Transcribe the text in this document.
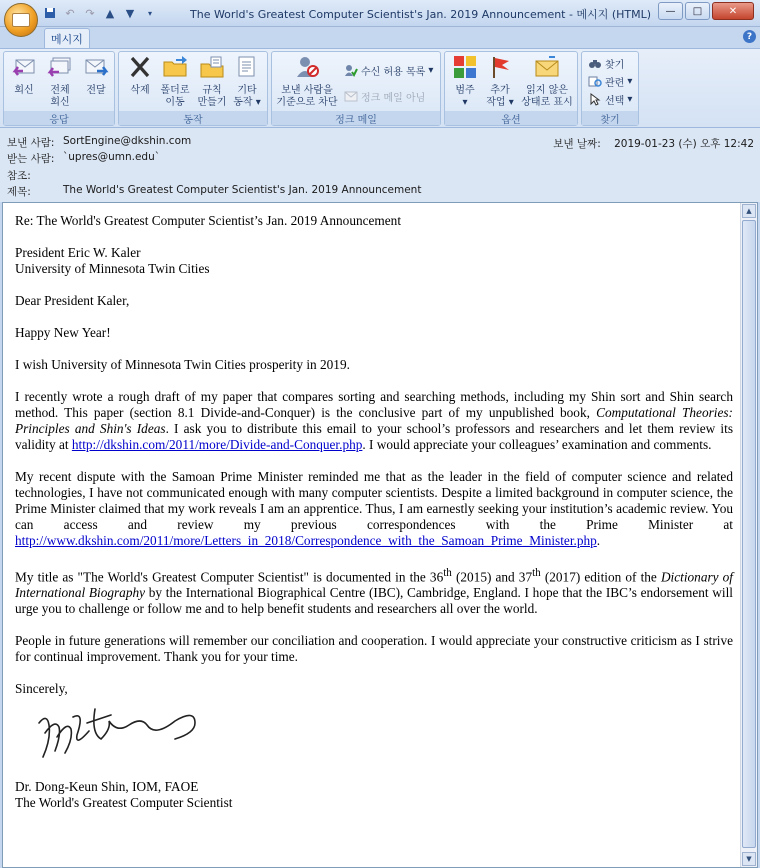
↶ ↷	▲	▼	▾	The World's Greatest Computer Scientist's Jan. 2019 Announcement - 메시지 (HTML)	—	□	✕
메시지	?
회신	전체
회신
전달
응답
삭제	폴더로
이동
규칙
만들기
기타
동작 ▾
동작
보낸 사람을
기준으로 차단
수신 허용 목록 ▾
정크 메일 아님
정크 메일
범주
▾
추가
작업 ▾
읽지 않은
상태로 표시
옵션
찾기
관련 ▾
선택 ▾
찾기
보낸 사람: SortEngine@dkshin.com
받는 사람: `upres@umn.edu`
참조:
제목:	The World's Greatest Computer Scientist's Jan. 2019 Announcement
보낸 날짜: 2019-01-23 (수) 오후 12:42

Re: The World's Greatest Computer Scientist’s Jan. 2019 Announcement

President Eric W. Kaler
University of Minnesota Twin Cities

Dear President Kaler,

Happy New Year!

I wish University of Minnesota Twin Cities prosperity in 2019.

I recently wrote a rough draft of my paper that compares sorting and searching methods, including my Shin sort and Shin search method. This paper (section 8.1 Divide-and-Conquer) is the conclusive part of my unpublished book, Computational Theories: Principles and Shin's Ideas. I ask you to distribute this email to your school’s professors and researchers and let them review its validity at http://dkshin.com/2011/more/Divide-and-Conquer.php. I would appreciate your colleagues’ examination and comments.

My recent dispute with the Samoan Prime Minister reminded me that as the leader in the field of computer science and related technologies, I have not communicated enough with many computer scientists. Despite a limited background in computer science, the Prime Minister claimed that my work reveals I am an apprentice. Thus, I am earnestly seeking your institution’s academic review. You can access and review my previous correspondences with the Prime Minister at http://www.dkshin.com/2011/more/Letters_in_2018/Correspondence_with_the_Samoan_Prime_Minister.php.

My title as "The World's Greatest Computer Scientist" is documented in the 36th (2015) and 37th (2017) edition of the Dictionary of International Biography by the International Biographical Centre (IBC), Cambridge, England. I hope that the IBC’s endorsement will urge you to challenge or follow me and to help benefit students and researchers all over the world.

People in future generations will remember our conciliation and cooperation. I would appreciate your constructive criticism as I strive for continual improvement. Thank you for your time.

Sincerely,

Dr. Dong-Keun Shin, IOM, FAOE
The World's Greatest Computer Scientist

▲
▼
